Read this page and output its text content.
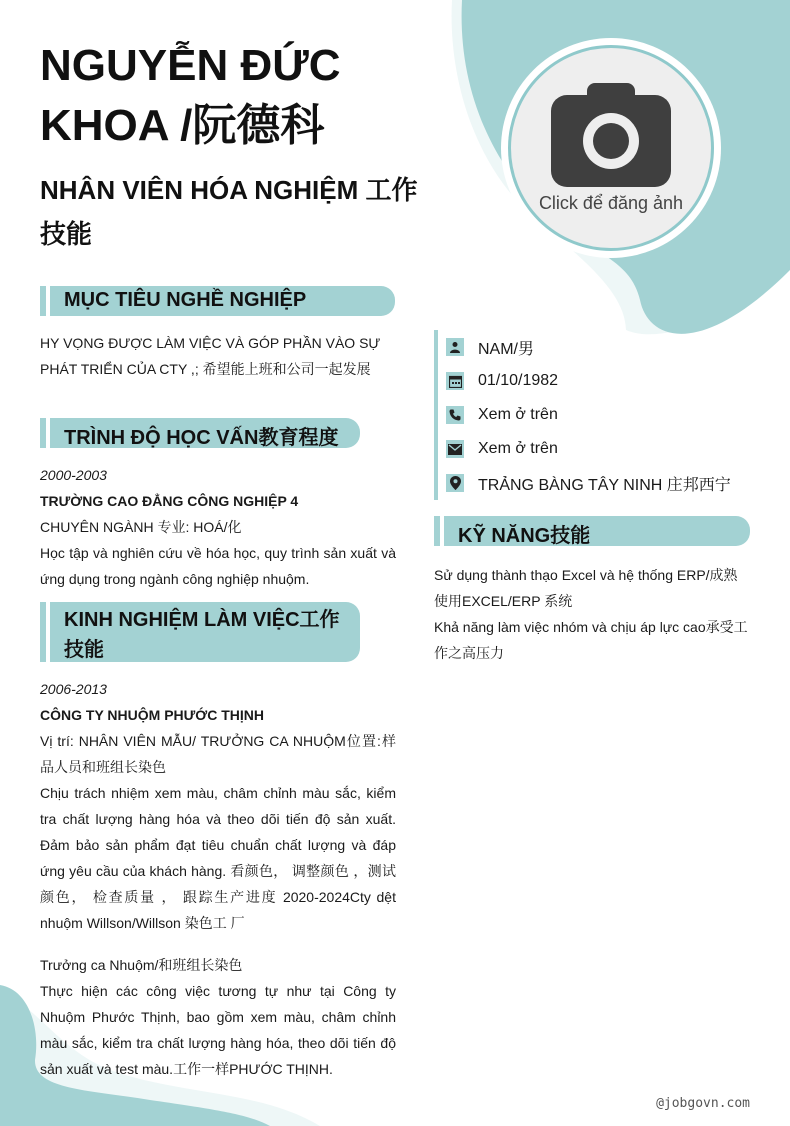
NGUYỄN ĐỨC KHOA /阮德科
NHÂN VIÊN HÓA NGHIỆM 工作技能
Click để đăng ảnh
MỤC TIÊU NGHỀ NGHIỆP

HY VỌNG ĐƯỢC LÀM VIỆC VÀ GÓP PHẦN VÀO SỰ PHÁT TRIỂN CỦA CTY ,; 希望能上班和公司一起发展

TRÌNH ĐỘ HỌC VẤN教育程度
2000-2003
TRƯỜNG CAO ĐẲNG CÔNG NGHIỆP 4
CHUYÊN NGÀNH 专业: HOÁ/化
Học tập và nghiên cứu về hóa học, quy trình sản xuất và ứng dụng trong ngành công nghiệp nhuộm.
KINH NGHIỆM LÀM VIỆC工作技能
2006-2013
CÔNG TY NHUỘM PHƯỚC THỊNH
Vị trí: NHÂN VIÊN MẪU/ TRƯỞNG CA NHUỘM位置:样品人员和班组长染色
Chịu trách nhiệm xem màu, châm chỉnh màu sắc, kiểm tra chất lượng hàng hóa và theo dõi tiến độ sản xuất. Đảm bảo sản phẩm đạt tiêu chuẩn chất lượng và đáp ứng yêu cầu của khách hàng. 看颜色， 调整颜色 ，测试颜色， 检查质量 ， 跟踪生产进度 2020-2024Cty dệt nhuộm Willson/Willson 染色工 厂
Trưởng ca Nhuộm/和班组长染色
Thực hiện các công việc tương tự như tại Công ty Nhuộm Phước Thịnh, bao gồm xem màu, châm chỉnh màu sắc, kiểm tra chất lượng hàng hóa, theo dõi tiến độ sản xuất và test màu.工作一样PHƯỚC THỊNH.
NAM/男
01/10/1982
Xem ở trên
Xem ở trên
TRẢNG BÀNG TÂY NINH 庄邦西宁
KỸ NĂNG技能
Sử dụng thành thạo Excel và hệ thống ERP/成熟使用EXCEL/ERP 系统
Khả năng làm việc nhóm và chịu áp lực cao承受工作之高压力
@jobgovn.com
